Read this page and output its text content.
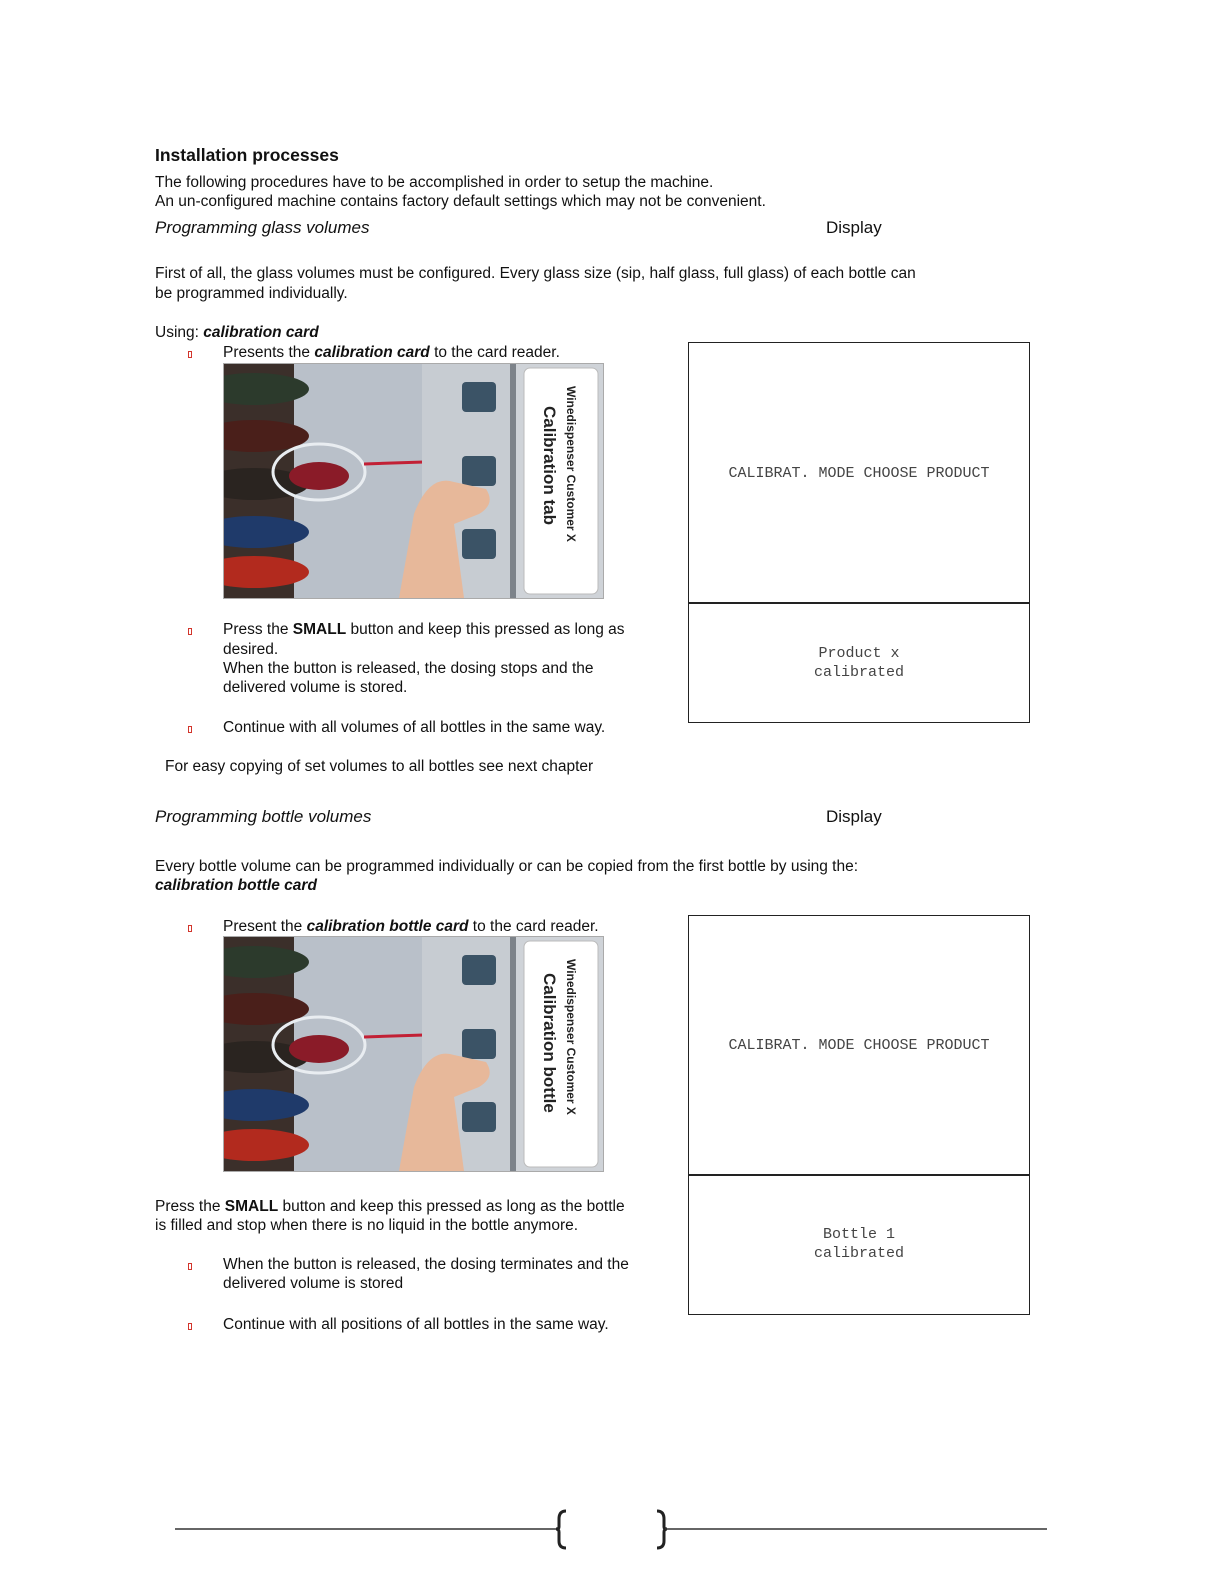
Installation processes
The following procedures have to be accomplished in order to setup the machine.
An un-configured machine contains factory default settings which may not be convenient.
Programming glass volumes	Display
First of all, the glass volumes must be configured. Every glass size (sip, half glass, full glass) of each bottle can
be programmed individually.
Using: calibration card
Presents the calibration card to the card reader.
Winedispenser Customer X
Calibration tab
Press the SMALL button and keep this pressed as long as
desired.
When the button is released, the dosing stops and the
delivered volume is stored.
Continue with all volumes of all bottles in the same way.
For easy copying of set volumes to all bottles see next chapter
CALIBRAT. MODE CHOOSE PRODUCT
Product x
calibrated
Programming bottle volumes	Display
Every bottle volume can be programmed individually or can be copied from the first bottle by using the:
calibration bottle card
Present the calibration bottle card to the card reader.
Winedispenser Customer X
Calibration bottle
Press the SMALL button and keep this pressed as long as the bottle
is filled and stop when there is no liquid in the bottle anymore.
When the button is released, the dosing terminates and the
delivered volume is stored
Continue with all positions of all bottles in the same way.
CALIBRAT. MODE CHOOSE PRODUCT
Bottle 1
calibrated
